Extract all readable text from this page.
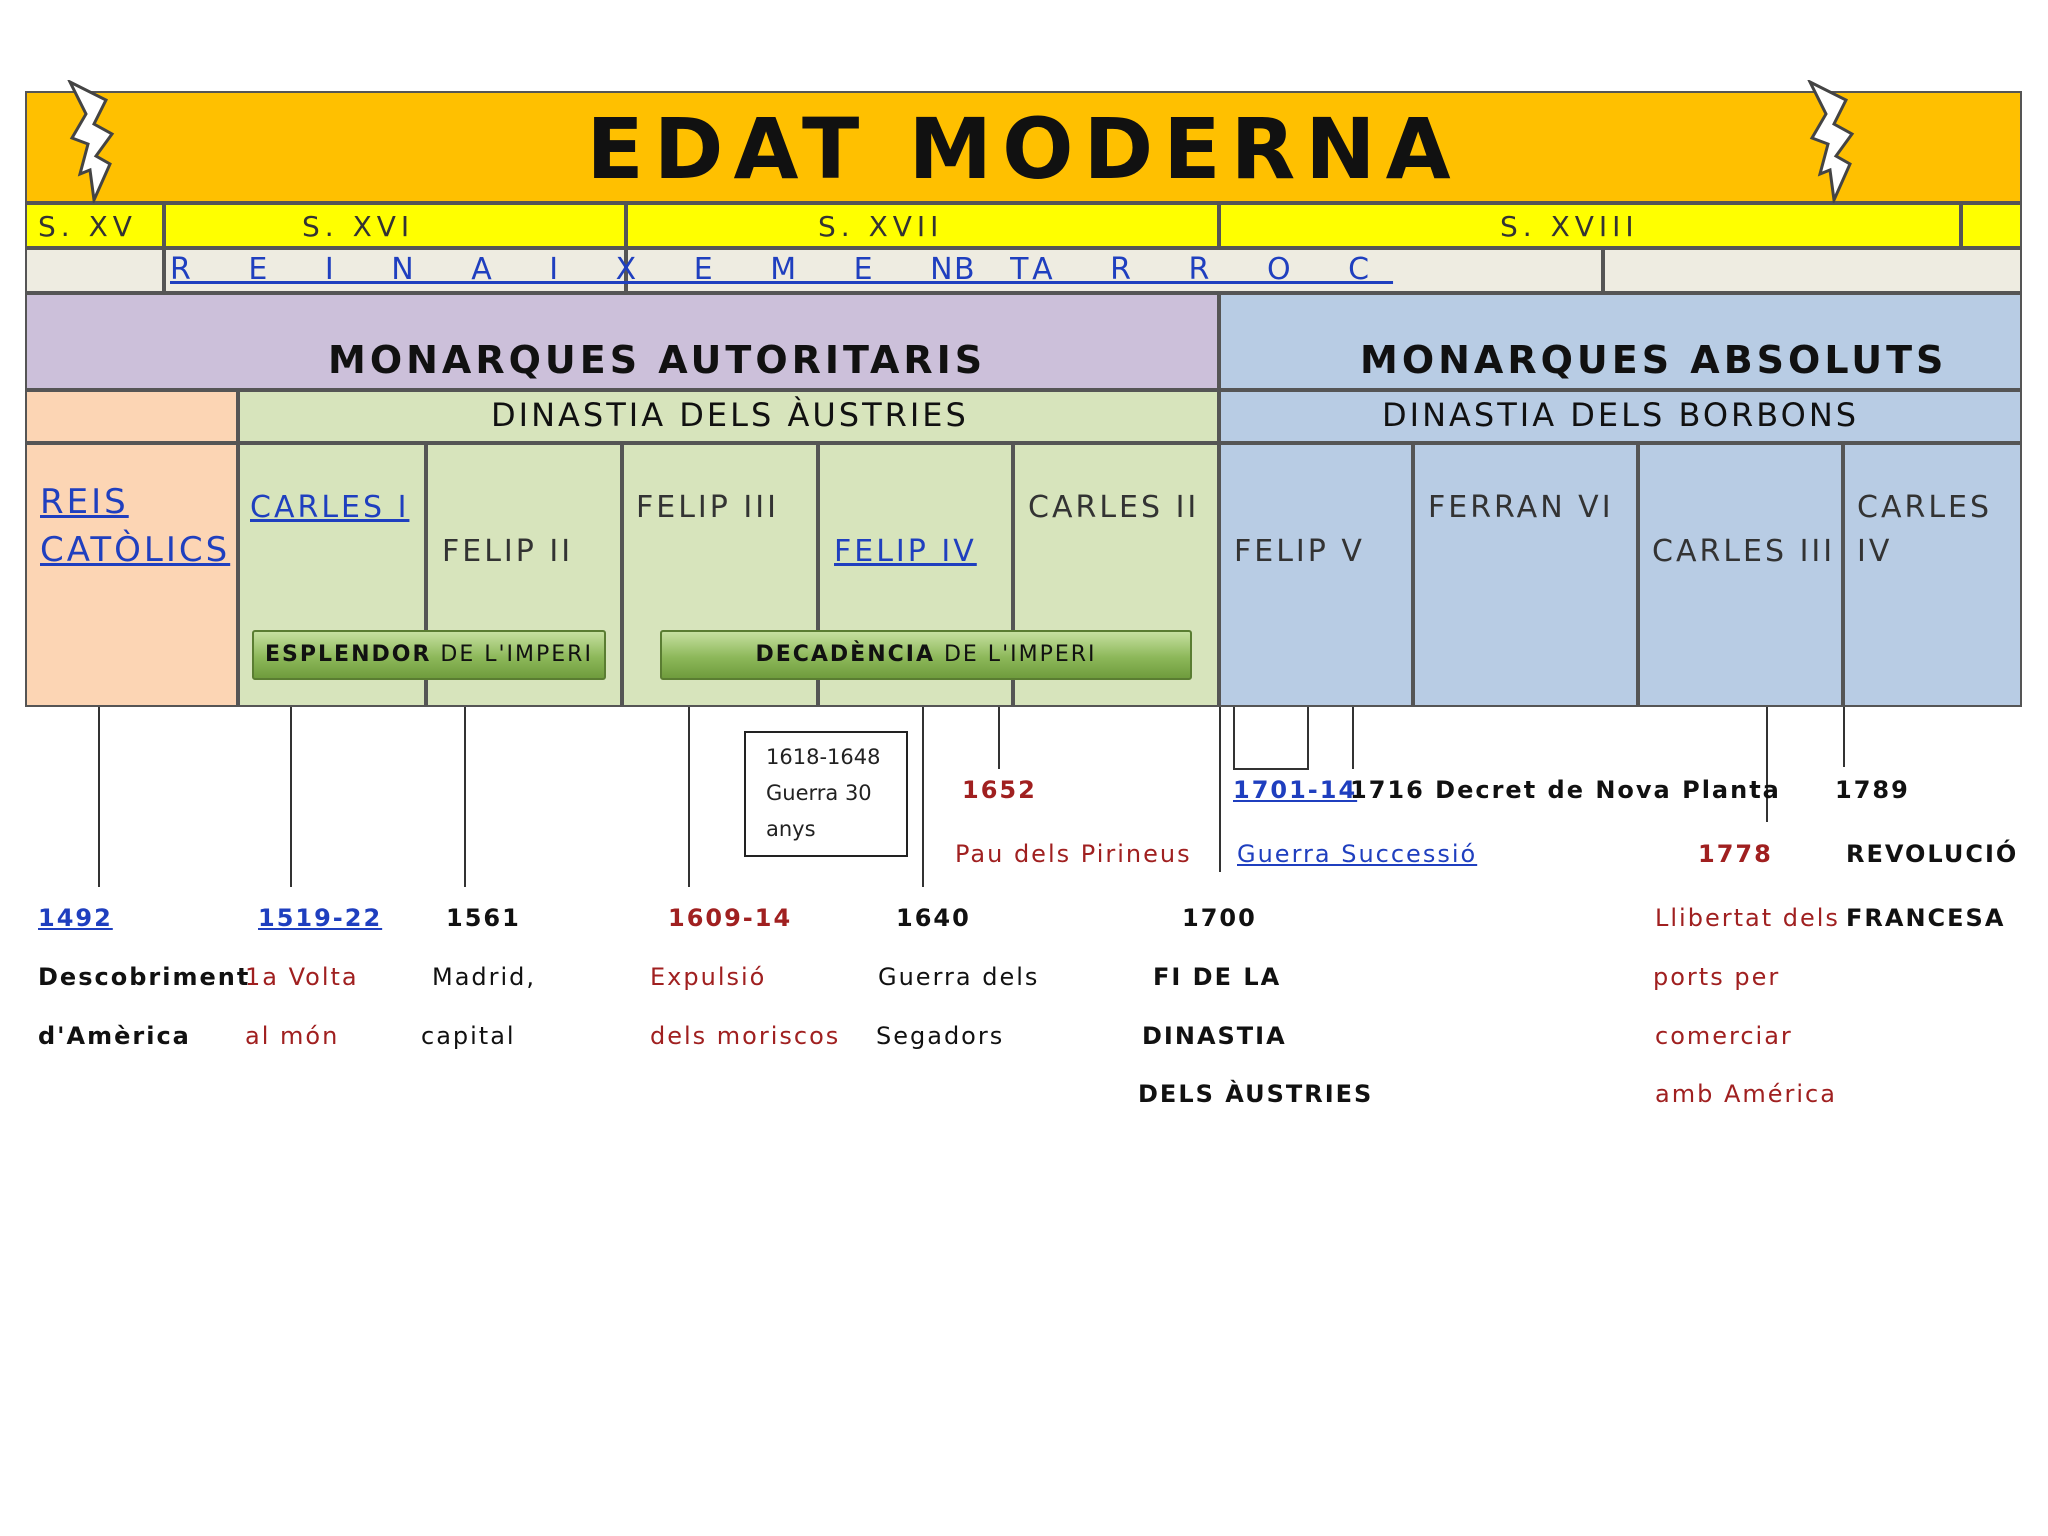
EDAT MODERNA
S. XV	S. XVI	S. XVII	S. XVIII
R E I N A I X E M E N T
B A R R O C
MONARQUES AUTORITARIS	MONARQUES ABSOLUTS
DINASTIA DELS ÀUSTRIES	DINASTIA DELS BORBONS
REIS
CATÒLICS
CARLES I
FELIP II
FELIP III
FELIP IV
CARLES II
FELIP V
FERRAN VI
CARLES III
CARLES
IV
ESPLENDOR DE L'IMPERI	DECADÈNCIA DE L'IMPERI
1618-1648
Guerra 30
anys
1492
Descobriment
d'Amèrica
1519-22
1a Volta
al món
1561
Madrid,
capital
1609-14
Expulsió
dels moriscos
1640
Guerra dels
Segadors
1652
Pau dels Pirineus
1700
FI DE LA
DINASTIA
DELS ÀUSTRIES
1701-14
1716 Decret de Nova Planta
Guerra Successió	1778
Llibertat dels
ports per
comerciar
amb América
1789
REVOLUCIÓ
FRANCESA
